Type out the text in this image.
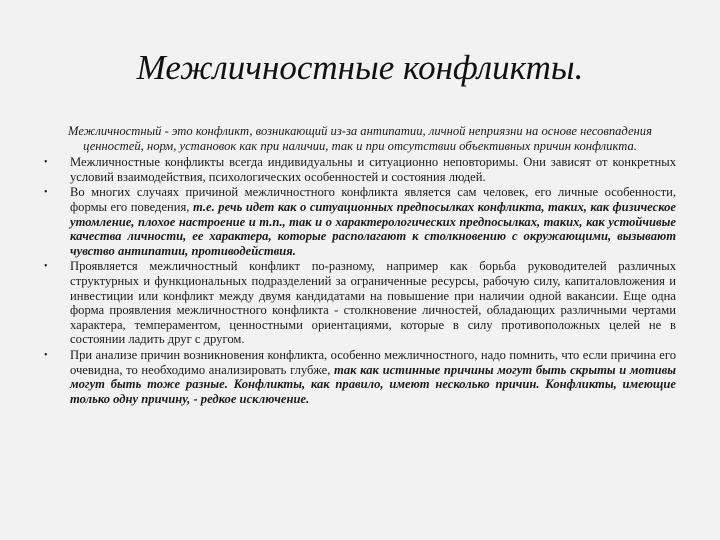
Межличностные конфликты.

Межличностный - это конфликт, возникающий из-за антипатии, личной неприязни на основе несовпадения ценностей, норм, установок как при наличии, так и при отсутствии объективных причин конфликта.

• Межличностные конфликты всегда индивидуальны и ситуационно неповторимы. Они зависят от конкретных условий взаимодействия, психологических особенностей и состояния людей.
• Во многих случаях причиной межличностного конфликта является сам человек, его личные особенности, формы его поведения, т.е. речь идет как о ситуационных предпосылках конфликта, таких, как физическое утомление, плохое настроение и т.п., так и о характерологических предпосылках, таких, как устойчивые качества личности, ее характера, которые располагают к столкновению с окружающими, вызывают чувство антипатии, противодействия.
• Проявляется межличностный конфликт по-разному, например как борьба руководителей различных структурных и функциональных подразделений за ограниченные ресурсы, рабочую силу, капиталовложения и инвестиции или конфликт между двумя кандидатами на повышение при наличии одной вакансии. Еще одна форма проявления межличностного конфликта - столкновение личностей, обладающих различными чертами характера, темпераментом, ценностными ориентациями, которые в силу противоположных целей не в состоянии ладить друг с другом.
• При анализе причин возникновения конфликта, особенно межличностного, надо помнить, что если причина его очевидна, то необходимо анализировать глубже, так как истинные причины могут быть скрыты и мотивы могут быть тоже разные. Конфликты, как правило, имеют несколько причин. Конфликты, имеющие только одну причину, - редкое исключение.
